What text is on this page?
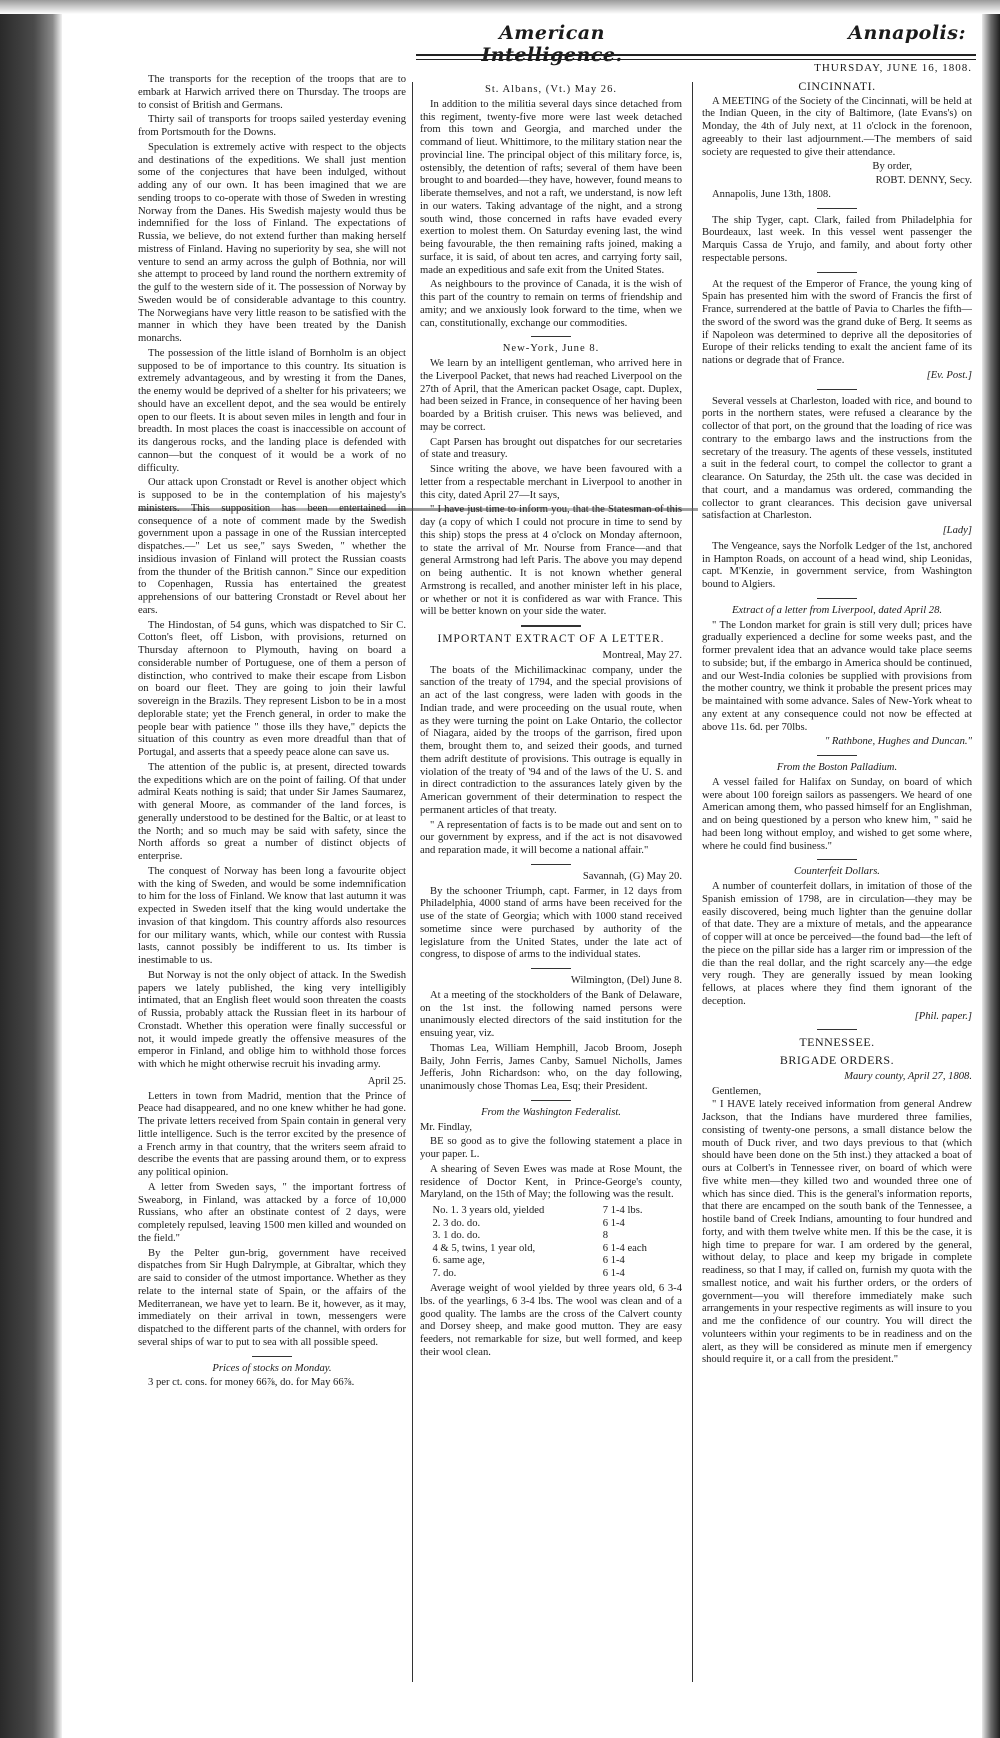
American Intelligence.
Annapolis:

The transports for the reception of the troops that are to embark at Harwich arrived there on Thursday. The troops are to consist of British and Germans.

Thirty sail of transports for troops sailed yesterday evening from Portsmouth for the Downs.

Speculation is extremely active with respect to the objects and destinations of the expeditions. We shall just mention some of the conjectures that have been indulged, without adding any of our own. It has been imagined that we are sending troops to co-operate with those of Sweden in wresting Norway from the Danes. His Swedish majesty would thus be indemnified for the loss of Finland. The expectations of Russia, we believe, do not extend further than making herself mistress of Finland. Having no superiority by sea, she will not venture to send an army across the gulph of Bothnia, nor will she attempt to proceed by land round the northern extremity of the gulf to the western side of it. The possession of Norway by Sweden would be of considerable advantage to this country. The Norwegians have very little reason to be satisfied with the manner in which they have been treated by the Danish monarchs.

The possession of the little island of Bornholm is an object supposed to be of importance to this country. Its situation is extremely advantageous, and by wresting it from the Danes, the enemy would be deprived of a shelter for his privateers; we should have an excellent depot, and the sea would be entirely open to our fleets. It is about seven miles in length and four in breadth. In most places the coast is inaccessible on account of its dangerous rocks, and the landing place is defended with cannon—but the conquest of it would be a work of no difficulty.

Our attack upon Cronstadt or Revel is another object which is supposed to be in the contemplation of his majesty's ministers. This supposition has been entertained in consequence of a note of comment made by the Swedish government upon a passage in one of the Russian intercepted dispatches.—" Let us see," says Sweden, " whether the insidious invasion of Finland will protect the Russian coasts from the thunder of the British cannon." Since our expedition to Copenhagen, Russia has entertained the greatest apprehensions of our battering Cronstadt or Revel about her ears.

The Hindostan, of 54 guns, which was dispatched to Sir C. Cotton's fleet, off Lisbon, with provisions, returned on Thursday afternoon to Plymouth, having on board a considerable number of Portuguese, one of them a person of distinction, who contrived to make their escape from Lisbon on board our fleet. They are going to join their lawful sovereign in the Brazils. They represent Lisbon to be in a most deplorable state; yet the French general, in order to make the people bear with patience " those ills they have," depicts the situation of this country as even more dreadful than that of Portugal, and asserts that a speedy peace alone can save us.

The attention of the public is, at present, directed towards the expeditions which are on the point of failing. Of that under admiral Keats nothing is said; that under Sir James Saumarez, with general Moore, as commander of the land forces, is generally understood to be destined for the Baltic, or at least to the North; and so much may be said with safety, since the North affords so great a number of distinct objects of enterprise.

The conquest of Norway has been long a favourite object with the king of Sweden, and would be some indemnification to him for the loss of Finland. We know that last autumn it was expected in Sweden itself that the king would undertake the invasion of that kingdom. This country affords also resources for our military wants, which, while our contest with Russia lasts, cannot possibly be indifferent to us. Its timber is inestimable to us.

But Norway is not the only object of attack. In the Swedish papers we lately published, the king very intelligibly intimated, that an English fleet would soon threaten the coasts of Russia, probably attack the Russian fleet in its harbour of Cronstadt. Whether this operation were finally successful or not, it would impede greatly the offensive measures of the emperor in Finland, and oblige him to withhold those forces with which he might otherwise recruit his invading army.

April 25.

Letters in town from Madrid, mention that the Prince of Peace had disappeared, and no one knew whither he had gone. The private letters received from Spain contain in general very little intelligence. Such is the terror excited by the presence of a French army in that country, that the writers seem afraid to describe the events that are passing around them, or to express any political opinion.

A letter from Sweden says, " the important fortress of Sweaborg, in Finland, was attacked by a force of 10,000 Russians, who after an obstinate contest of 2 days, were completely repulsed, leaving 1500 men killed and wounded on the field."

By the Pelter gun-brig, government have received dispatches from Sir Hugh Dalrymple, at Gibraltar, which they are said to consider of the utmost importance. Whether as they relate to the internal state of Spain, or the affairs of the Mediterranean, we have yet to learn. Be it, however, as it may, immediately on their arrival in town, messengers were dispatched to the different parts of the channel, with orders for several ships of war to put to sea with all possible speed.

Prices of stocks on Monday.

3 per ct. cons. for money 66⅞, do. for May 66⅞.

St. Albans, (Vt.) May 26.

In addition to the militia several days since detached from this regiment, twenty-five more were last week detached from this town and Georgia, and marched under the command of lieut. Whittimore, to the military station near the provincial line. The principal object of this military force, is, ostensibly, the detention of rafts; several of them have been brought to and boarded—they have, however, found means to liberate themselves, and not a raft, we understand, is now left in our waters. Taking advantage of the night, and a strong south wind, those concerned in rafts have evaded every exertion to molest them. On Saturday evening last, the wind being favourable, the then remaining rafts joined, making a surface, it is said, of about ten acres, and carrying forty sail, made an expeditious and safe exit from the United States.

As neighbours to the province of Canada, it is the wish of this part of the country to remain on terms of friendship and amity; and we anxiously look forward to the time, when we can, constitutionally, exchange our commodities.

New-York, June 8.

We learn by an intelligent gentleman, who arrived here in the Liverpool Packet, that news had reached Liverpool on the 27th of April, that the American packet Osage, capt. Duplex, had been seized in France, in consequence of her having been boarded by a British cruiser. This news was believed, and may be correct.

Capt Parsen has brought out dispatches for our secretaries of state and treasury.

Since writing the above, we have been favoured with a letter from a respectable merchant in Liverpool to another in this city, dated April 27—It says,

" I have just time to inform you, that the Statesman of this day (a copy of which I could not procure in time to send by this ship) stops the press at 4 o'clock on Monday afternoon, to state the arrival of Mr. Nourse from France—and that general Armstrong had left Paris. The above you may depend on being authentic. It is not known whether general Armstrong is recalled, and another minister left in his place, or whether or not it is confidered as war with France. This will be better known on your side the water.

IMPORTANT EXTRACT OF A LETTER.
Montreal, May 27.

The boats of the Michilimackinac company, under the sanction of the treaty of 1794, and the special provisions of an act of the last congress, were laden with goods in the Indian trade, and were proceeding on the usual route, when as they were turning the point on Lake Ontario, the collector of Niagara, aided by the troops of the garrison, fired upon them, brought them to, and seized their goods, and turned them adrift destitute of provisions. This outrage is equally in violation of the treaty of '94 and of the laws of the U. S. and in direct contradiction to the assurances lately given by the American government of their determination to respect the permanent articles of that treaty.

" A representation of facts is to be made out and sent on to our government by express, and if the act is not disavowed and reparation made, it will become a national affair."

Savannah, (G) May 20.

By the schooner Triumph, capt. Farmer, in 12 days from Philadelphia, 4000 stand of arms have been received for the use of the state of Georgia; which with 1000 stand received sometime since were purchased by authority of the legislature from the United States, under the late act of congress, to dispose of arms to the individual states.

Wilmington, (Del) June 8.

At a meeting of the stockholders of the Bank of Delaware, on the 1st inst. the following named persons were unanimously elected directors of the said institution for the ensuing year, viz.

Thomas Lea, William Hemphill, Jacob Broom, Joseph Baily, John Ferris, James Canby, Samuel Nicholls, James Jefferis, John Richardson: who, on the day following, unanimously chose Thomas Lea, Esq; their President.

From the Washington Federalist.
Mr. Findlay,

BE so good as to give the following statement a place in your paper. L.

A shearing of Seven Ewes was made at Rose Mount, the residence of Doctor Kent, in Prince-George's county, Maryland, on the 15th of May; the following was the result.

No. 1. 3 years old, yielded	7 1-4 lbs.
2. 3 do. do.	6 1-4
3. 1 do. do.	8
4 & 5, twins, 1 year old,	6 1-4 each
6. same age,	6 1-4
7. do.	6 1-4

Average weight of wool yielded by three years old, 6 3-4 lbs. of the yearlings, 6 3-4 lbs. The wool was clean and of a good quality. The lambs are the cross of the Calvert county and Dorsey sheep, and make good mutton. They are easy feeders, not remarkable for size, but well formed, and keep their wool clean.

THURSDAY, JUNE 16, 1808.
CINCINNATI.

A MEETING of the Society of the Cincinnati, will be held at the Indian Queen, in the city of Baltimore, (late Evans's) on Monday, the 4th of July next, at 11 o'clock in the forenoon, agreeably to their last adjournment.—The members of said society are requested to give their attendance.

By order,
ROBT. DENNY, Secy.

Annapolis, June 13th, 1808.

The ship Tyger, capt. Clark, failed from Philadelphia for Bourdeaux, last week. In this vessel went passenger the Marquis Cassa de Yrujo, and family, and about forty other respectable persons.

At the request of the Emperor of France, the young king of Spain has presented him with the sword of Francis the first of France, surrendered at the battle of Pavia to Charles the fifth—the sword of the sword was the grand duke of Berg. It seems as if Napoleon was determined to deprive all the depositories of Europe of their relicks tending to exalt the ancient fame of its nations or degrade that of France.

[Ev. Post.]

Several vessels at Charleston, loaded with rice, and bound to ports in the northern states, were refused a clearance by the collector of that port, on the ground that the loading of rice was contrary to the embargo laws and the instructions from the secretary of the treasury. The agents of these vessels, instituted a suit in the federal court, to compel the collector to grant a clearance. On Saturday, the 25th ult. the case was decided in that court, and a mandamus was ordered, commanding the collector to grant clearances. This decision gave universal satisfaction at Charleston.

[Lady]

The Vengeance, says the Norfolk Ledger of the 1st, anchored in Hampton Roads, on account of a head wind, ship Leonidas, capt. M'Kenzie, in government service, from Washington bound to Algiers.

Extract of a letter from Liverpool, dated April 28.

" The London market for grain is still very dull; prices have gradually experienced a decline for some weeks past, and the former prevalent idea that an advance would take place seems to subside; but, if the embargo in America should be continued, and our West-India colonies be supplied with provisions from the mother country, we think it probable the present prices may be maintained with some advance. Sales of New-York wheat to any extent at any consequence could not now be effected at above 11s. 6d. per 70lbs.

" Rathbone, Hughes and Duncan."
From the Boston Palladium.

A vessel failed for Halifax on Sunday, on board of which were about 100 foreign sailors as passengers. We heard of one American among them, who passed himself for an Englishman, and on being questioned by a person who knew him, " said he had been long without employ, and wished to get some where, where he could find business."

Counterfeit Dollars.

A number of counterfeit dollars, in imitation of those of the Spanish emission of 1798, are in circulation—they may be easily discovered, being much lighter than the genuine dollar of that date. They are a mixture of metals, and the appearance of copper will at once be perceived—the found bad—the left of the piece on the pillar side has a larger rim or impression of the die than the real dollar, and the right scarcely any—the edge very rough. They are generally issued by mean looking fellows, at places where they find them ignorant of the deception.

[Phil. paper.]
TENNESSEE.
BRIGADE ORDERS.
Maury county, April 27, 1808.
Gentlemen,

" I HAVE lately received information from general Andrew Jackson, that the Indians have murdered three families, consisting of twenty-one persons, a small distance below the mouth of Duck river, and two days previous to that (which should have been done on the 5th inst.) they attacked a boat of ours at Colbert's in Tennessee river, on board of which were five white men—they killed two and wounded three one of which has since died. This is the general's information reports, that there are encamped on the south bank of the Tennessee, a hostile band of Creek Indians, amounting to four hundred and forty, and with them twelve white men. If this be the case, it is high time to prepare for war. I am ordered by the general, without delay, to place and keep my brigade in complete readiness, so that I may, if called on, furnish my quota with the smallest notice, and wait his further orders, or the orders of government—you will therefore immediately make such arrangements in your respective regiments as will insure to you and me the confidence of our country. You will direct the volunteers within your regiments to be in readiness and on the alert, as they will be considered as minute men if emergency should require it, or a call from the president."
